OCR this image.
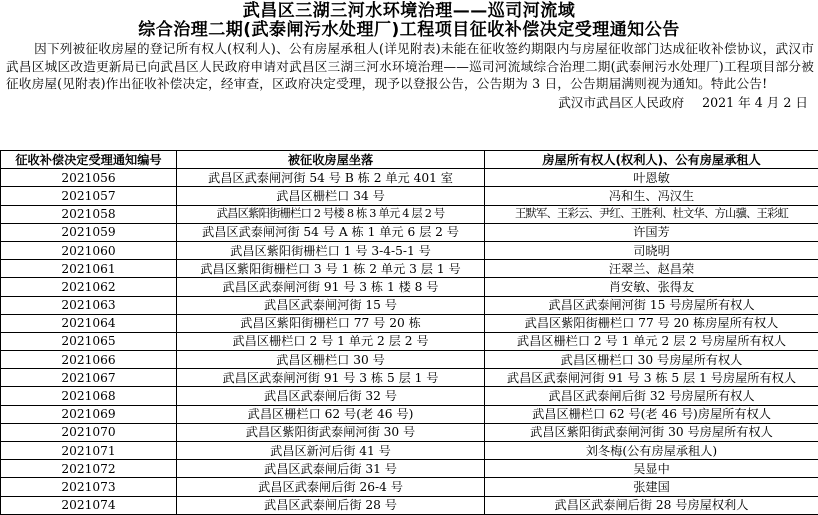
武昌区三湖三河水环境治理——巡司河流域
综合治理二期(武泰闸污水处理厂)工程项目征收补偿决定受理通知公告

因下列被征收房屋的登记所有权人(权利人)、公有房屋承租人(详见附表)未能在征收签约期限内与房屋征收部门达成征收补偿协议，武汉市武昌区城区改造更新局已向武昌区人民政府申请对武昌区三湖三河水环境治理——巡司河流域综合治理二期(武泰闸污水处理厂)工程项目部分被征收房屋(见附表)作出征收补偿决定，经审查，区政府决定受理，现予以登报公告，公告期为 3 日，公告期届满则视为通知。特此公告!

武汉市武昌区人民政府 2021 年 4 月 2 日
征收补偿决定受理通知编号	被征收房屋坐落	房屋所有权人(权利人)、公有房屋承租人
2021056	武昌区武泰闸河街 54 号 B 栋 2 单元 401 室	叶恩敏
2021057	武昌区栅栏口 34 号	冯和生、冯汉生
2021058	武昌区紫阳街栅栏口 2 号楼 8 栋 3 单元 4 层 2 号	王默军、王彩云、尹红、王胜利、杜文华、方山骥、王彩虹
2021059	武昌区武泰闸河街 54 号 A 栋 1 单元 6 层 2 号	许国芳
2021060	武昌区紫阳街栅栏口 1 号 3-4-5-1 号	司晓明
2021061	武昌区紫阳街栅栏口 3 号 1 栋 2 单元 3 层 1 号	汪翠兰、赵昌荣
2021062	武昌区武泰闸河街 91 号 3 栋 1 楼 8 号	肖安敏、张得友
2021063	武昌区武泰闸河街 15 号	武昌区武泰闸河街 15 号房屋所有权人
2021064	武昌区紫阳街栅栏口 77 号 20 栋	武昌区紫阳街栅栏口 77 号 20 栋房屋所有权人
2021065	武昌区栅栏口 2 号 1 单元 2 层 2 号	武昌区栅栏口 2 号 1 单元 2 层 2 号房屋所有权人
2021066	武昌区栅栏口 30 号	武昌区栅栏口 30 号房屋所有权人
2021067	武昌区武泰闸河街 91 号 3 栋 5 层 1 号	武昌区武泰闸河街 91 号 3 栋 5 层 1 号房屋所有权人
2021068	武昌区武泰闸后街 32 号	武昌区武泰闸后街 32 号房屋所有权人
2021069	武昌区栅栏口 62 号(老 46 号)	武昌区栅栏口 62 号(老 46 号)房屋所有权人
2021070	武昌区紫阳街武泰闸河街 30 号	武昌区紫阳街武泰闸河街 30 号房屋所有权人
2021071	武昌区新河后街 41 号	刘冬梅(公有房屋承租人)
2021072	武昌区武泰闸后街 31 号	吴显中
2021073	武昌区武泰闸后街 26-4 号	张建国
2021074	武昌区武泰闸后街 28 号	武昌区武泰闸后街 28 号房屋权利人
